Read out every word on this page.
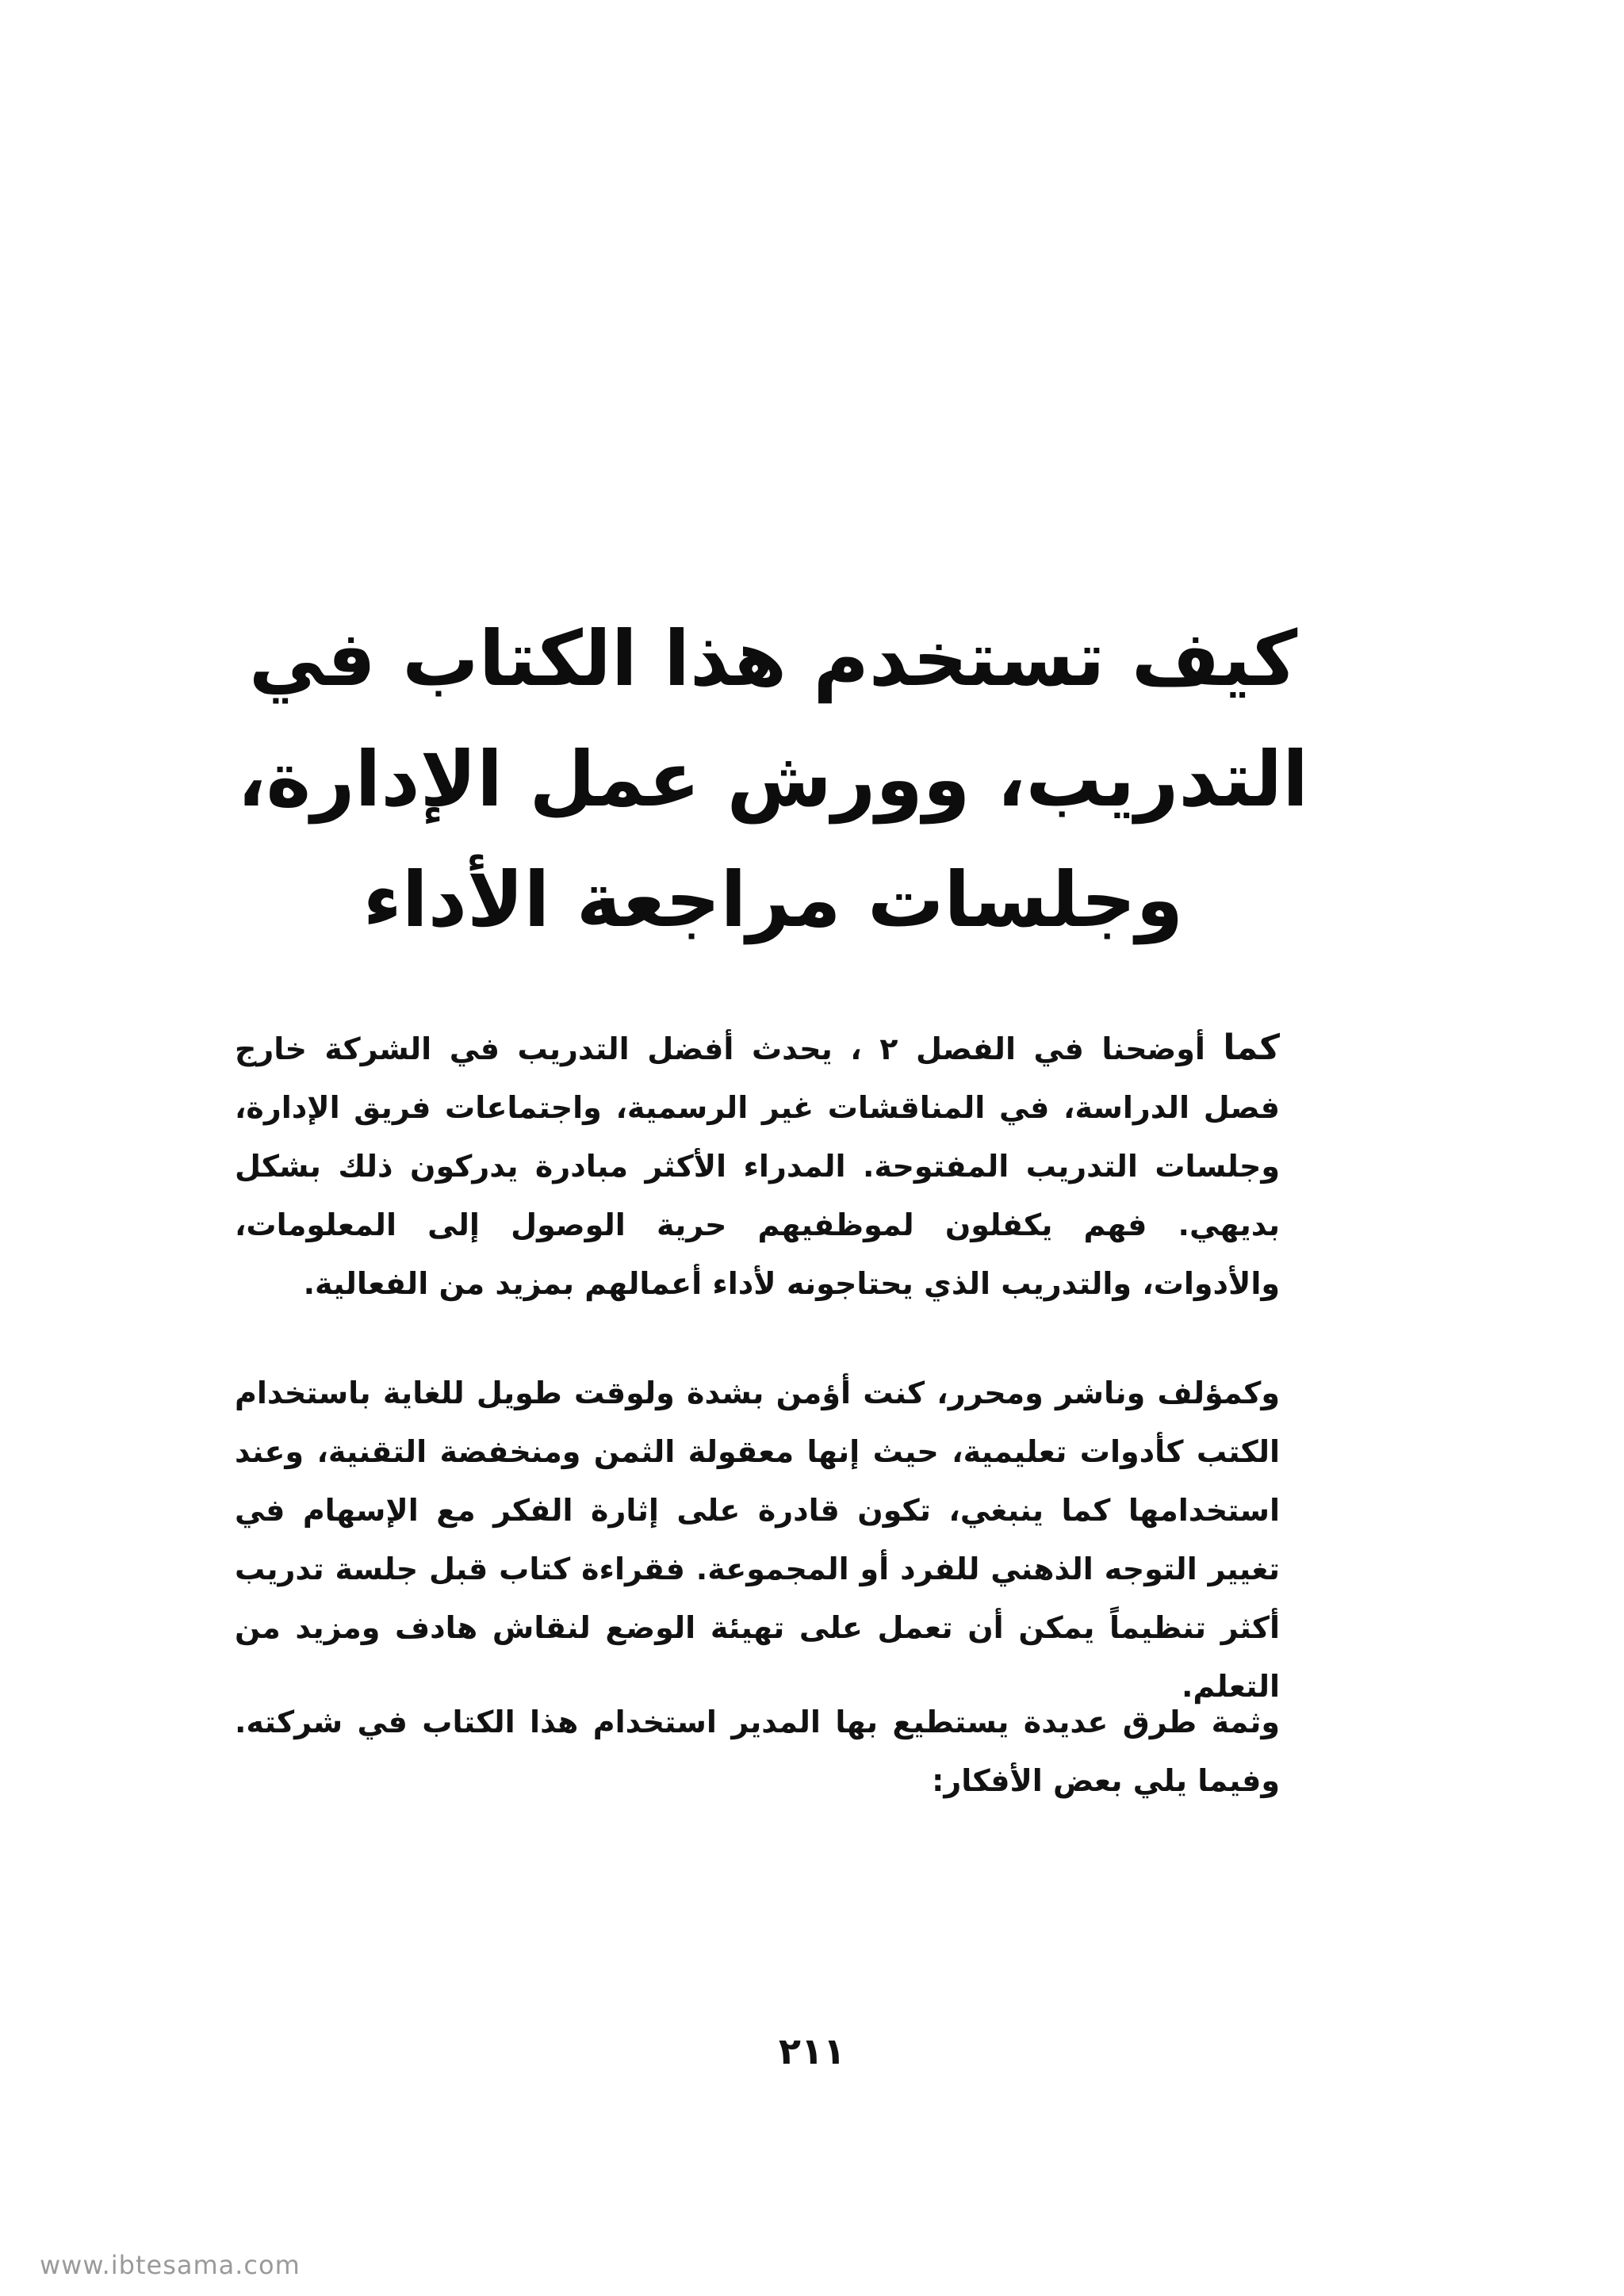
كيف تستخدم هذا الكتاب في
التدريب، وورش عمل الإدارة،
وجلسات مراجعة الأداء

كما أوضحنا في الفصل ٢ ، يحدث أفضل التدريب في الشركة خارج فصل الدراسة، في المناقشات غير الرسمية، واجتماعات فريق الإدارة، وجلسات التدريب المفتوحة. المدراء الأكثر مبادرة يدركون ذلك بشكل بديهي. فهم يكفلون لموظفيهم حرية الوصول إلى المعلومات، والأدوات، والتدريب الذي يحتاجونه لأداء أعمالهم بمزيد من الفعالية.

وكمؤلف وناشر ومحرر، كنت أؤمن بشدة ولوقت طويل للغاية باستخدام الكتب كأدوات تعليمية، حيث إنها معقولة الثمن ومنخفضة التقنية، وعند استخدامها كما ينبغي، تكون قادرة على إثارة الفكر مع الإسهام في تغيير التوجه الذهني للفرد أو المجموعة. فقراءة كتاب قبل جلسة تدريب أكثر تنظيماً يمكن أن تعمل على تهيئة الوضع لنقاش هادف ومزيد من التعلم.

وثمة طرق عديدة يستطيع بها المدير استخدام هذا الكتاب في شركته. وفيما يلي بعض الأفكار:

٢١١

www.ibtesama.com
